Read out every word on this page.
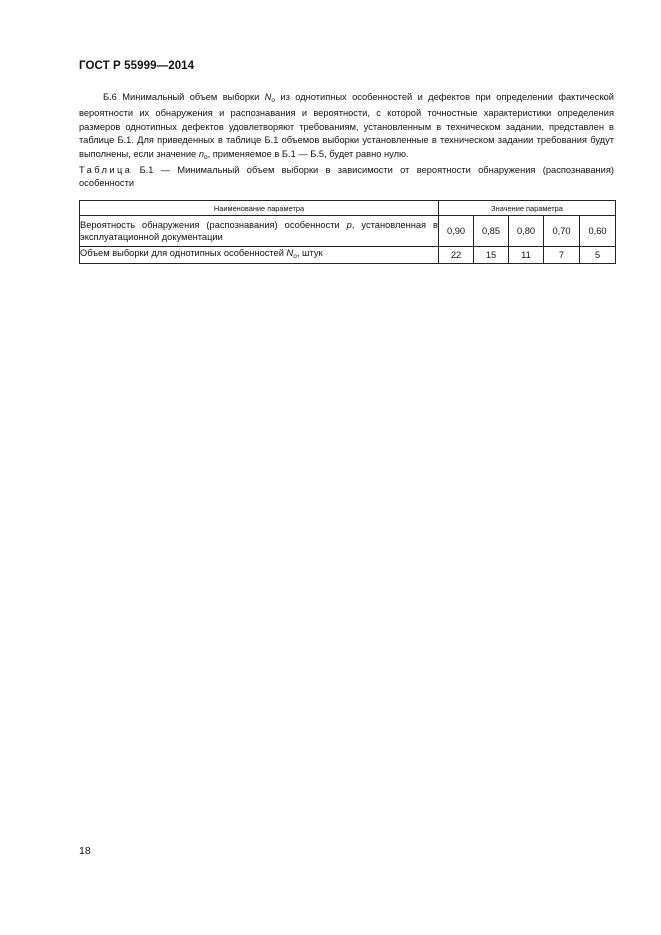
ГОСТ Р 55999—2014

Б.6 Минимальный объем выборки $N_o$ из однотипных особенностей и дефектов при определении фактической вероятности их обнаружения и распознавания и вероятности, с которой точностные характеристики определения размеров однотипных дефектов удовлетворяют требованиям, установленным в техническом задании, представлен в таблице Б.1. Для приведенных в таблице Б.1 объемов выборки установленные в техническом задании требования будут выполнены, если значение $n_o$, применяемое в Б.1 — Б.5, будет равно нулю.

Таблица Б.1 — Минимальный объем выборки в зависимости от вероятности обнаружения (распознавания) особенности

Наименование параметра	Значение параметра				
Вероятность обнаружения (распознавания) особенности p, установленная в эксплуатационной документации	0,90	0,85	0,80	0,70	0,60
Объем выборки для однотипных особенностей $N_o$, штук	22	15	11	7	5
18
